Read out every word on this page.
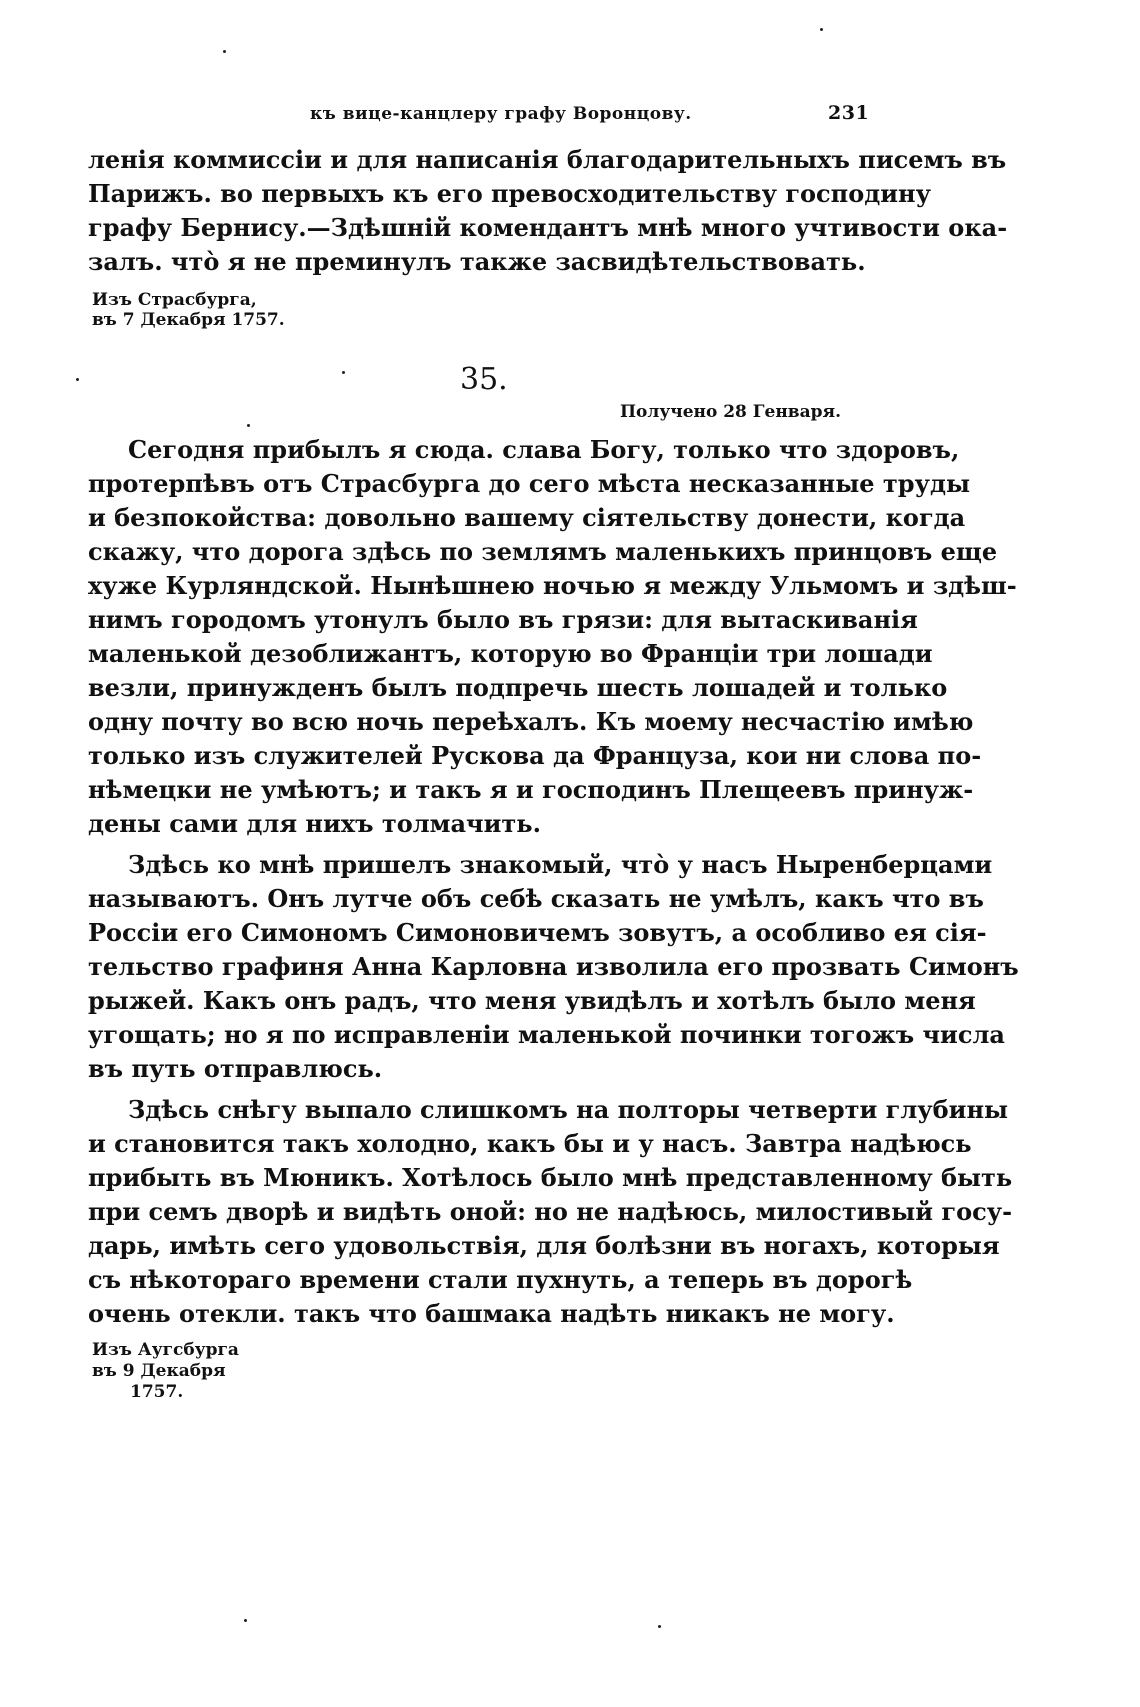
къ вице-канцлеру графу Воронцову.	231
ленія коммиссіи и для написанія благодарительныхъ писемъ въ
Парижъ. во первыхъ къ его превосходительству господину
графу Бернису.—Здѣшній комендантъ мнѣ много учтивости ока-
залъ. чтò я не преминулъ также засвидѣтельствовать.
Изъ Страсбурга,
въ 7 Декабря 1757.
35.
Получено 28 Генваря.
Сегодня прибылъ я сюда. слава Богу, только что здоровъ,
протерпѣвъ отъ Страсбурга до сего мѣста несказанные труды
и безпокойства: довольно вашему сіятельству донести, когда
скажу, что дорога здѣсь по землямъ маленькихъ принцовъ еще
хуже Курляндской. Нынѣшнею ночью я между Ульмомъ и здѣш-
нимъ городомъ утонулъ было въ грязи: для вытаскиванія
маленькой дезоближантъ, которую во Франціи три лошади
везли, принужденъ былъ подпречь шесть лошадей и только
одну почту во всю ночь переѣхалъ. Къ моему несчастію имѣю
только изъ служителей Рускова да Француза, кои ни слова по-
нѣмецки не умѣютъ; и такъ я и господинъ Плещеевъ принуж-
дены сами для нихъ толмачить.
Здѣсь ко мнѣ пришелъ знакомый, чтò у насъ Ныренберцами
называютъ. Онъ лутче объ себѣ сказать не умѣлъ, какъ что въ
Россіи его Симономъ Симоновичемъ зовутъ, а особливо ея сія-
тельство графиня Анна Карловна изволила его прозвать Симонъ
рыжей. Какъ онъ радъ, что меня увидѣлъ и хотѣлъ было меня
угощать; но я по исправленіи маленькой починки тогожъ числа
въ путь отправлюсь.
Здѣсь снѣгу выпало слишкомъ на полторы четверти глубины
и становится такъ холодно, какъ бы и у насъ. Завтра надѣюсь
прибыть въ Мюникъ. Хотѣлось было мнѣ представленному быть
при семъ дворѣ и видѣть оной: но не надѣюсь, милостивый госу-
дарь, имѣть сего удовольствія, для болѣзни въ ногахъ, которыя
съ нѣкотораго времени стали пухнуть, а теперь въ дорогѣ
очень отекли. такъ что башмака надѣть никакъ не могу.
Изъ Аугсбурга
въ 9 Декабря
1757.
